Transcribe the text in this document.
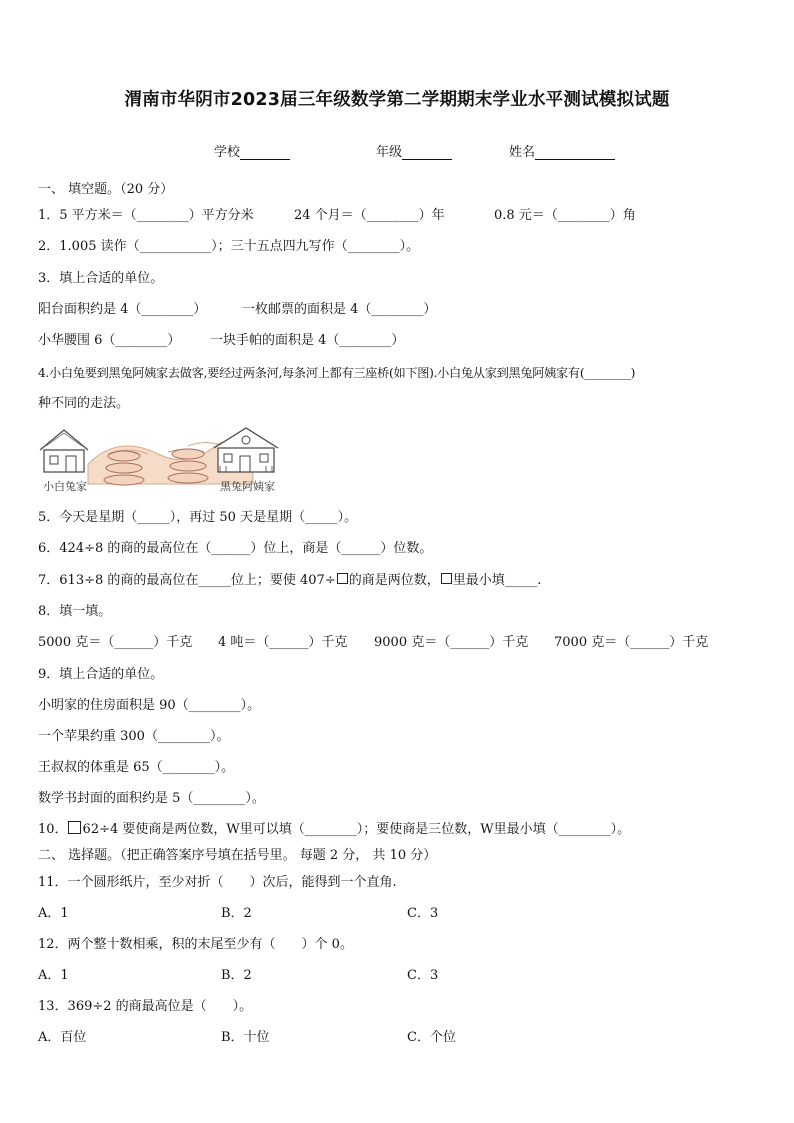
渭南市华阴市2023届三年级数学第二学期期末学业水平测试模拟试题
学校	年级	姓名
一、 填空题。（20 分）
1．5 平方米＝（________）平方分米	24 个月＝（________）年	0.8 元＝（________）角
2．1.005 读作（___________）；三十五点四九写作（________）。
3．填上合适的单位。
阳台面积约是 4（________）	一枚邮票的面积是 4（________）
小华腰围 6（________） 一块手帕的面积是 4（________）
4.小白兔要到黑兔阿姨家去做客,要经过两条河,每条河上都有三座桥(如下图).小白兔从家到黑兔阿姨家有(________)
种不同的走法。
小白兔家	黑兔阿姨家
5．今天是星期（_____），再过 50 天是星期（_____）。
6．424÷8 的商的最高位在（______）位上，商是（______）位数。
7．613÷8 的商的最高位在_____位上；要使 407÷ 的商是两位数， 里最小填_____.
8．填一填。
5000 克＝（______）千克 4 吨＝（______）千克 9000 克＝（______）千克 7000 克＝（______）千克
9．填上合适的单位。
小明家的住房面积是 90（________）。
一个苹果约重 300（________）。
王叔叔的体重是 65（________）。
数学书封面的面积约是 5（________）。
10． 62÷4 要使商是两位数，W里可以填（________）；要使商是三位数，W里最小填（________）。
二、 选择题。（把正确答案序号填在括号里。 每题 2 分， 共 10 分）
11．一个圆形纸片，至少对折（　　）次后，能得到一个直角.
A．1	B．2	C．3
12．两个整十数相乘，积的末尾至少有（　　）个 0。
A．1	B．2	C．3
13．369÷2 的商最高位是（　　）。
A．百位	B．十位	C．个位
